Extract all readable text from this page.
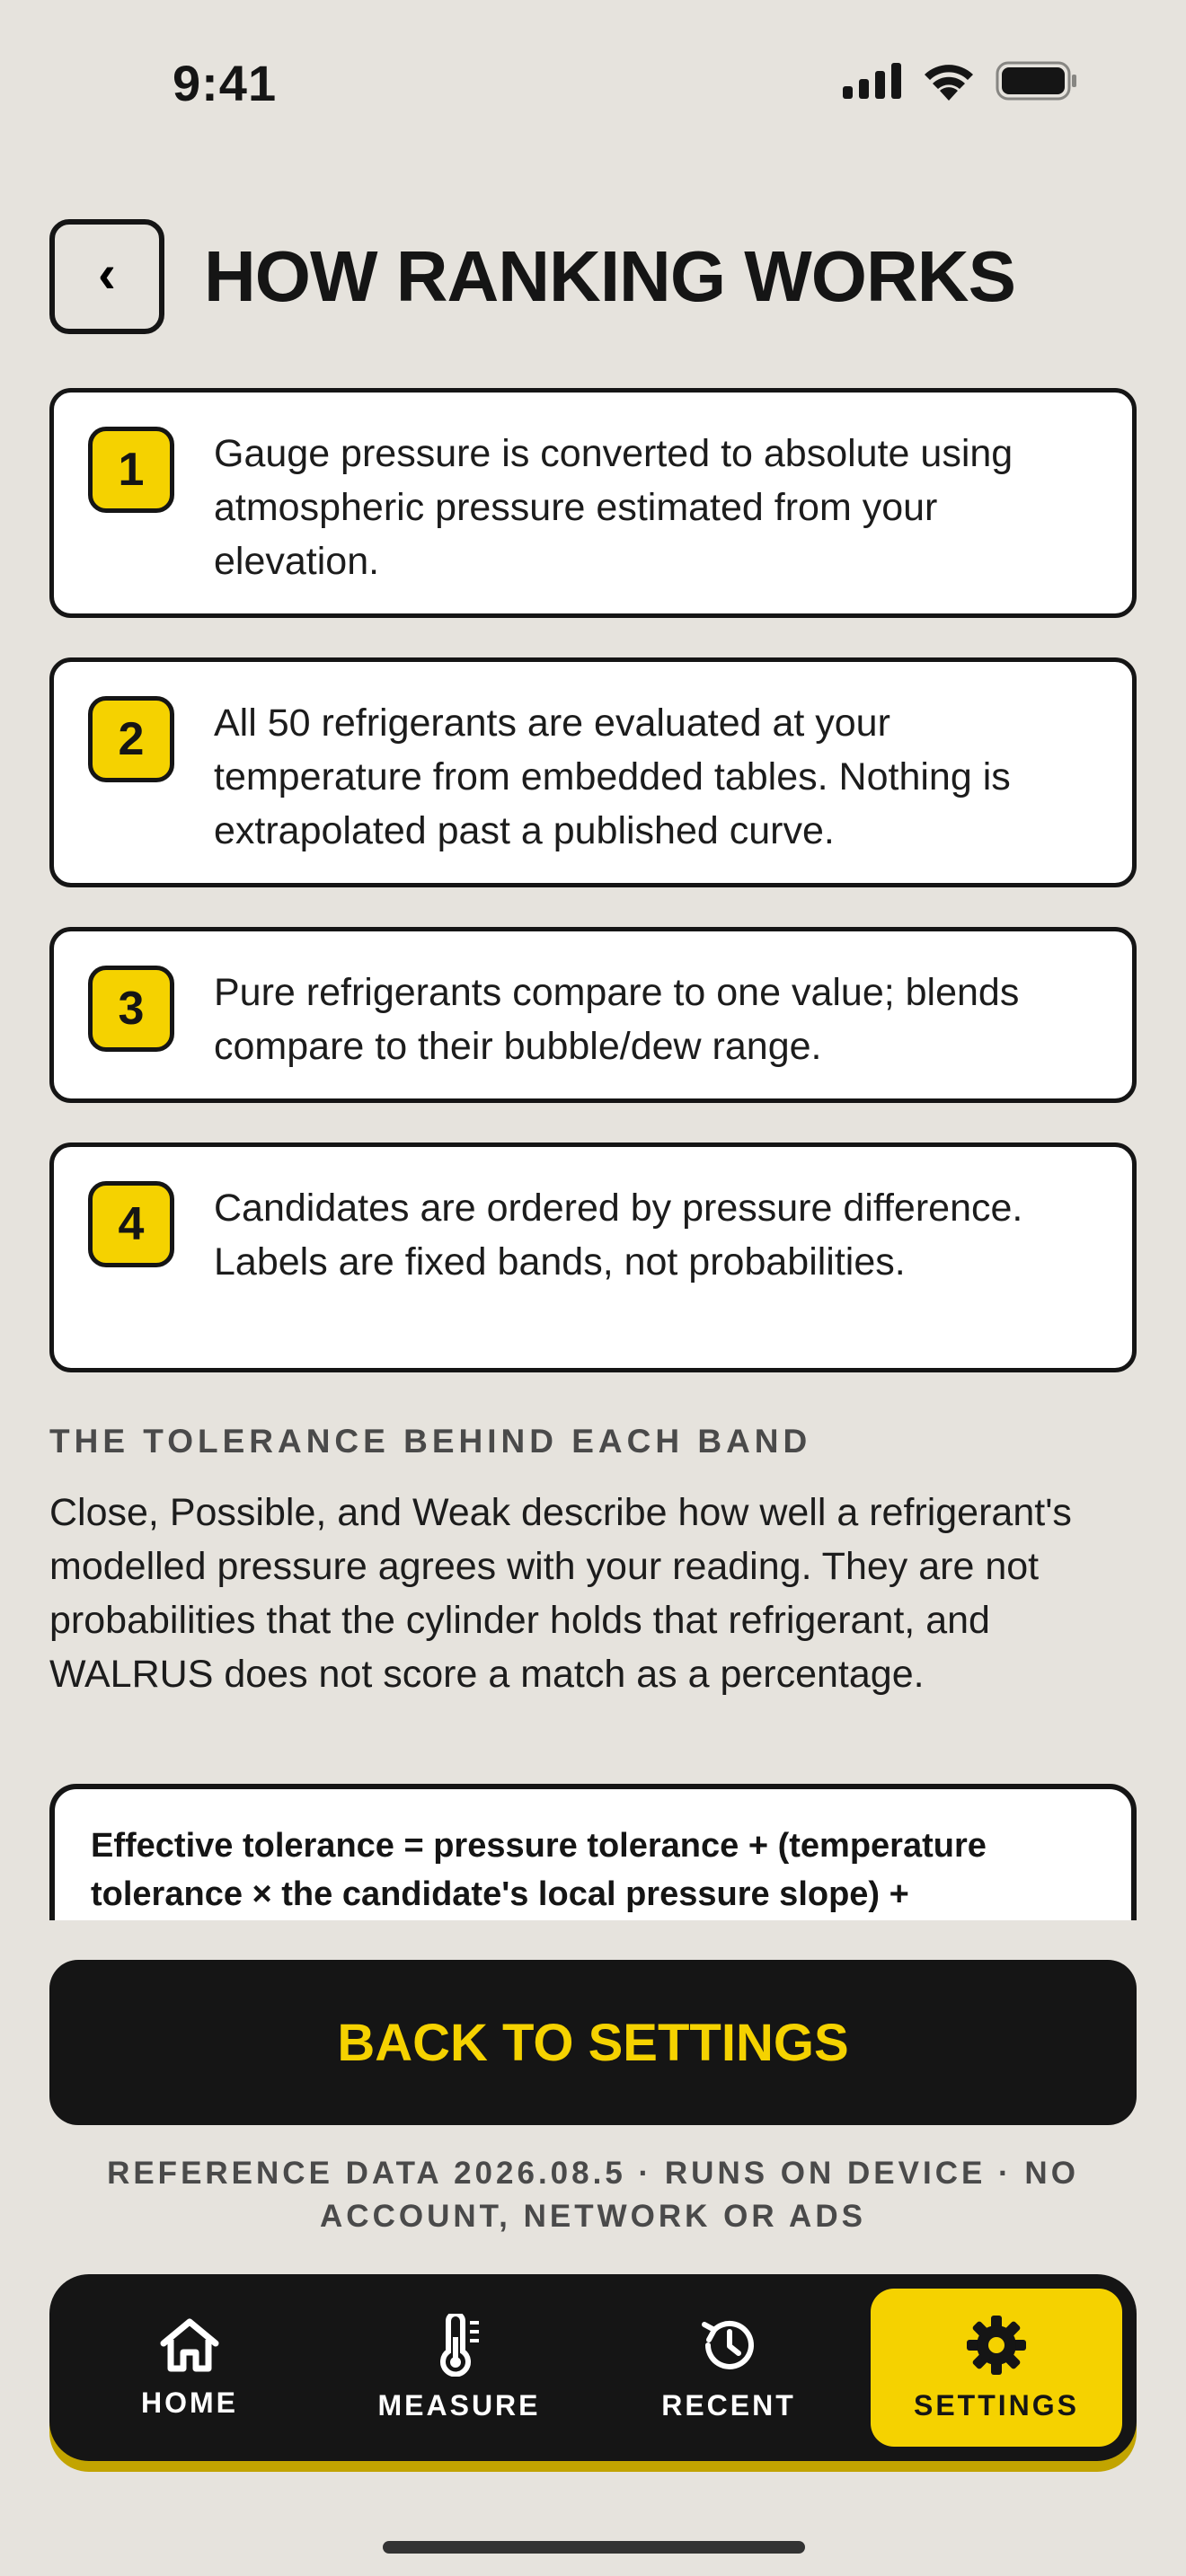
9:41
‹ HOW RANKING WORKS
1	Gauge pressure is converted to absolute using atmospheric pressure estimated from your elevation.
2	All 50 refrigerants are evaluated at your temperature from embedded tables. Nothing is extrapolated past a published curve.
3	Pure refrigerants compare to one value; blends compare to their bubble/dew range.
4	Candidates are ordered by pressure difference. Labels are fixed bands, not probabilities.
THE TOLERANCE BEHIND EACH BAND
Close, Possible, and Weak describe how well a refrigerant's modelled pressure agrees with your reading. They are not probabilities that the cylinder holds that refrigerant, and WALRUS does not score a match as a percentage.
Effective tolerance = pressure tolerance + (temperature tolerance × the candidate's local pressure slope) +
BACK TO SETTINGS
REFERENCE DATA 2026.08.5 · RUNS ON DEVICE · NO ACCOUNT, NETWORK OR ADS
HOME	MEASURE	RECENT	SETTINGS
